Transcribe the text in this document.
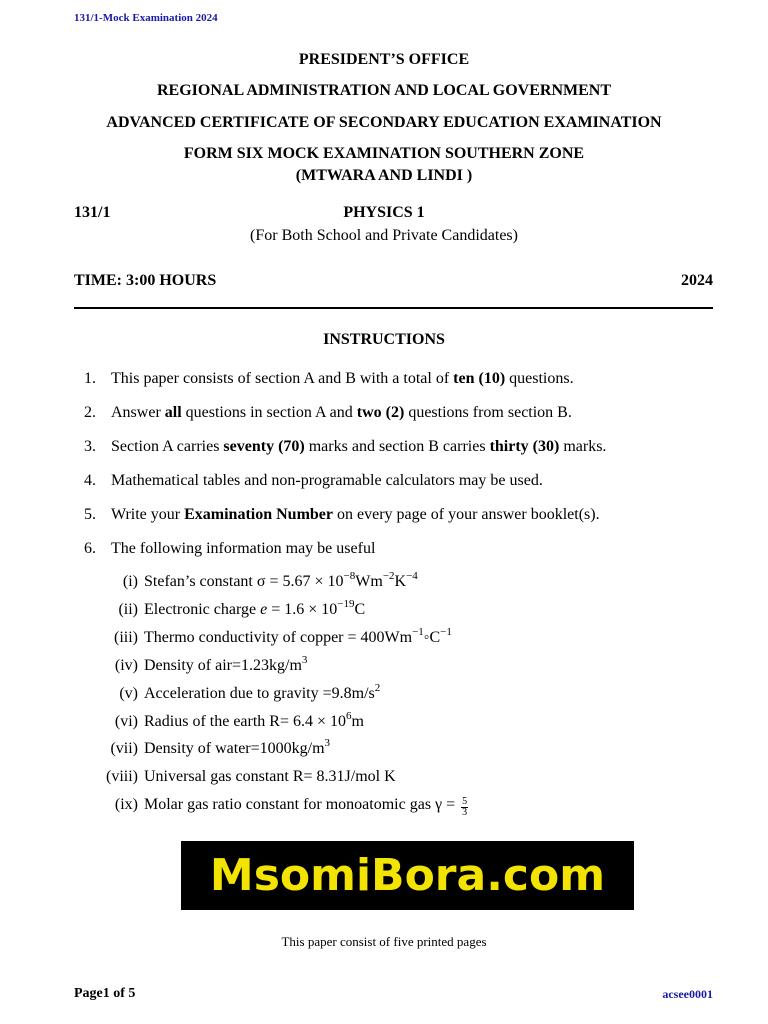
131/1-Mock Examination 2024
PRESIDENT’S OFFICE
REGIONAL ADMINISTRATION AND LOCAL GOVERNMENT
ADVANCED CERTIFICATE OF SECONDARY EDUCATION EXAMINATION
FORM SIX MOCK EXAMINATION SOUTHERN ZONE
(MTWARA AND LINDI )
131/1	PHYSICS 1
(For Both School and Private Candidates)
TIME: 3:00 HOURS	2024
INSTRUCTIONS
1. This paper consists of section A and B with a total of ten (10) questions.
2. Answer all questions in section A and two (2) questions from section B.
3. Section A carries seventy (70) marks and section B carries thirty (30) marks.
4. Mathematical tables and non-programable calculators may be used.
5. Write your Examination Number on every page of your answer booklet(s).
6. The following information may be useful
(i) Stefan’s constant $\sigma = 5.67 \times 10^{-8}Wm^{-2}K^{-4}$
(ii) Electronic charge $e = 1.6 \times 10^{-19}C$
(iii) Thermo conductivity of copper = $400Wm^{-1}◦C^{-1}$
(iv) Density of $air=1.23kg/m^3$
(v) Acceleration due to gravity $=9.8m/s^2$
(vi) Radius of the earth $R= 6.4 \times 10^6m$
(vii) Density of $water=1000kg/m^3$
(viii) Universal gas constant R= 8.31J/mol K
(ix) Molar gas ratio constant for monoatomic gas $\gamma = \frac{5}{3}$
MsomiBora.com
This paper consist of five printed pages
Page1 of 5	acsee0001
